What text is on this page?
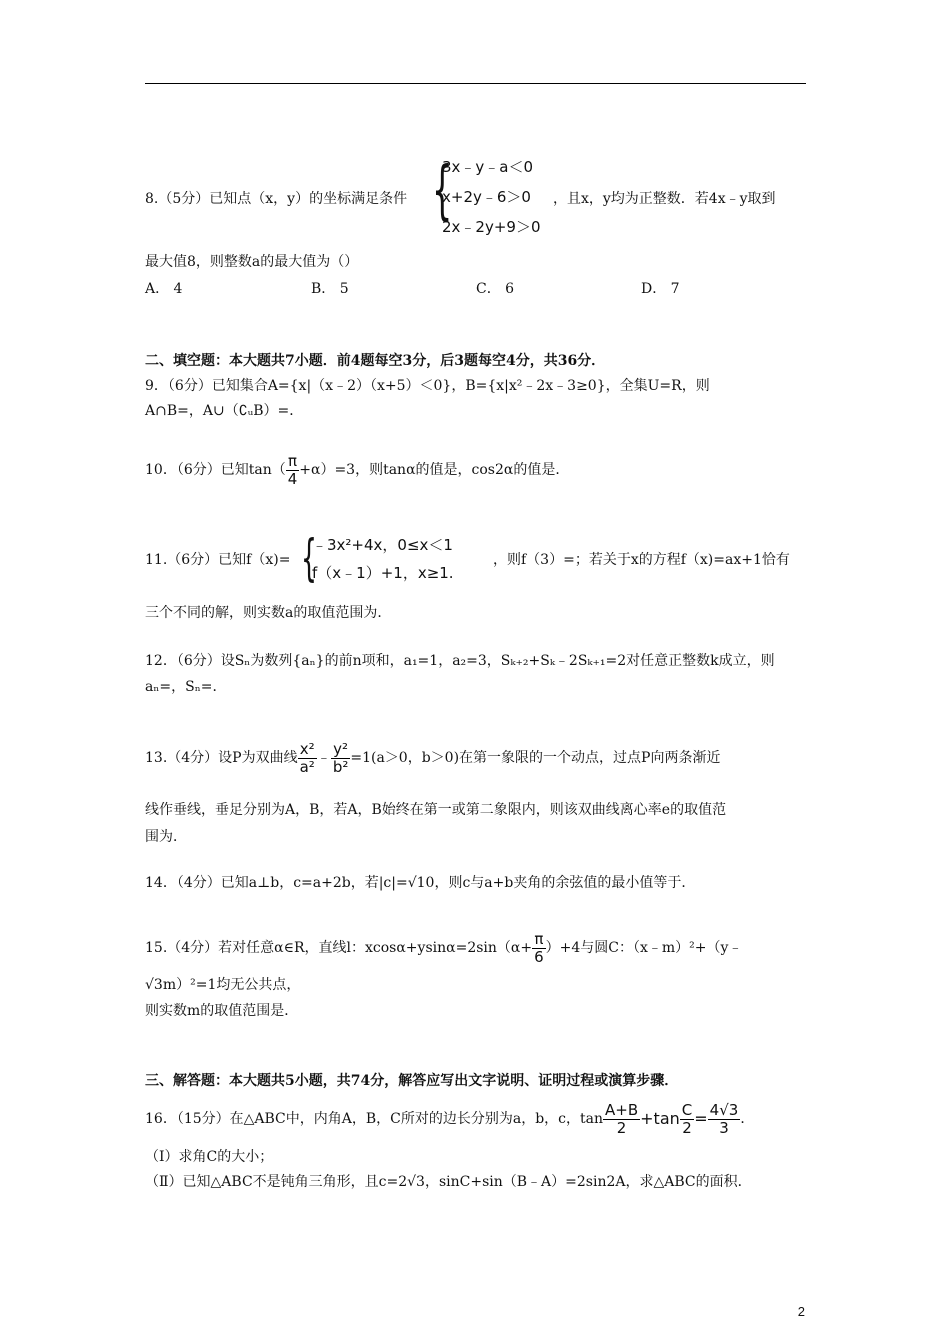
8.（5分）已知点（x，y）的坐标满足条件 {
3x﹣y﹣a＜0
x+2y﹣6＞0
2x﹣2y+9＞0
，且x，y均为正整数．若4x﹣y取到
最大值8，则整数a的最大值为（）
A． 4	B． 5	C． 6	D． 7
二、填空题：本大题共7小题．前4题每空3分，后3题每空4分，共36分．
9．（6分）已知集合A={x|（x﹣2）（x+5）＜0}，B={x|x²﹣2x﹣3≥0}，全集U=R，则
A∩B=，A∪（∁ᵤB）=．
10．（6分）已知$\tan( \frac{\pi}{4} +\alpha)=3$，则tanα的值是，cos2α的值是．
11.（6分）已知f（x)= {
﹣3x²+4x，0≤x＜1
f（x﹣1）+1，x≥1.
，则f（3）=；若关于x的方程f（x)=ax+1恰有
三个不同的解，则实数a的取值范围为．
12．（6分）设Sₙ为数列{aₙ}的前n项和，a₁=1，a₂=3，Sₖ₊₂+Sₖ﹣2Sₖ₊₁=2对任意正整数k成立，则
aₙ=，Sₙ=．
13.（4分）设P为双曲线 $\frac{\text{x²}}{\text{a²}}$ ﹣ $\frac{\text{y²}}{\text{b²}} =1(a>0$，b＞0)在第一象限的一个动点，过点P向两条渐近
线作垂线，垂足分别为A，B，若A，B始终在第一或第二象限内，则该双曲线离心率e的取值范
围为．
14．（4分）已知a⊥b，c=a+2b，若|c|=√10，则c与a+b夹角的余弦值的最小值等于．
15.（4分）若对任意α∈R，直线l：$xcos\alpha+ysin\alpha=2\sin(\alpha+ \frac{\pi}{6} )+4$与圆C：（x﹣m）²+（y﹣
√3m）²=1均无公共点，
则实数m的取值范围是．
三、解答题：本大题共5小题，共74分，解答应写出文字说明、证明过程或演算步骤．
16．（15分）在△ABC中，内角A，B，C所对的边长分别为a，b，c，$\tan \frac{A+B}{2} +\tan \frac{C}{2} = \frac{4√3}{3}$ ．
（Ⅰ）求角C的大小；
（Ⅱ）已知△ABC不是钝角三角形，且c=2√3，sinC+sin（B﹣A）=2sin2A，求△ABC的面积．
2
